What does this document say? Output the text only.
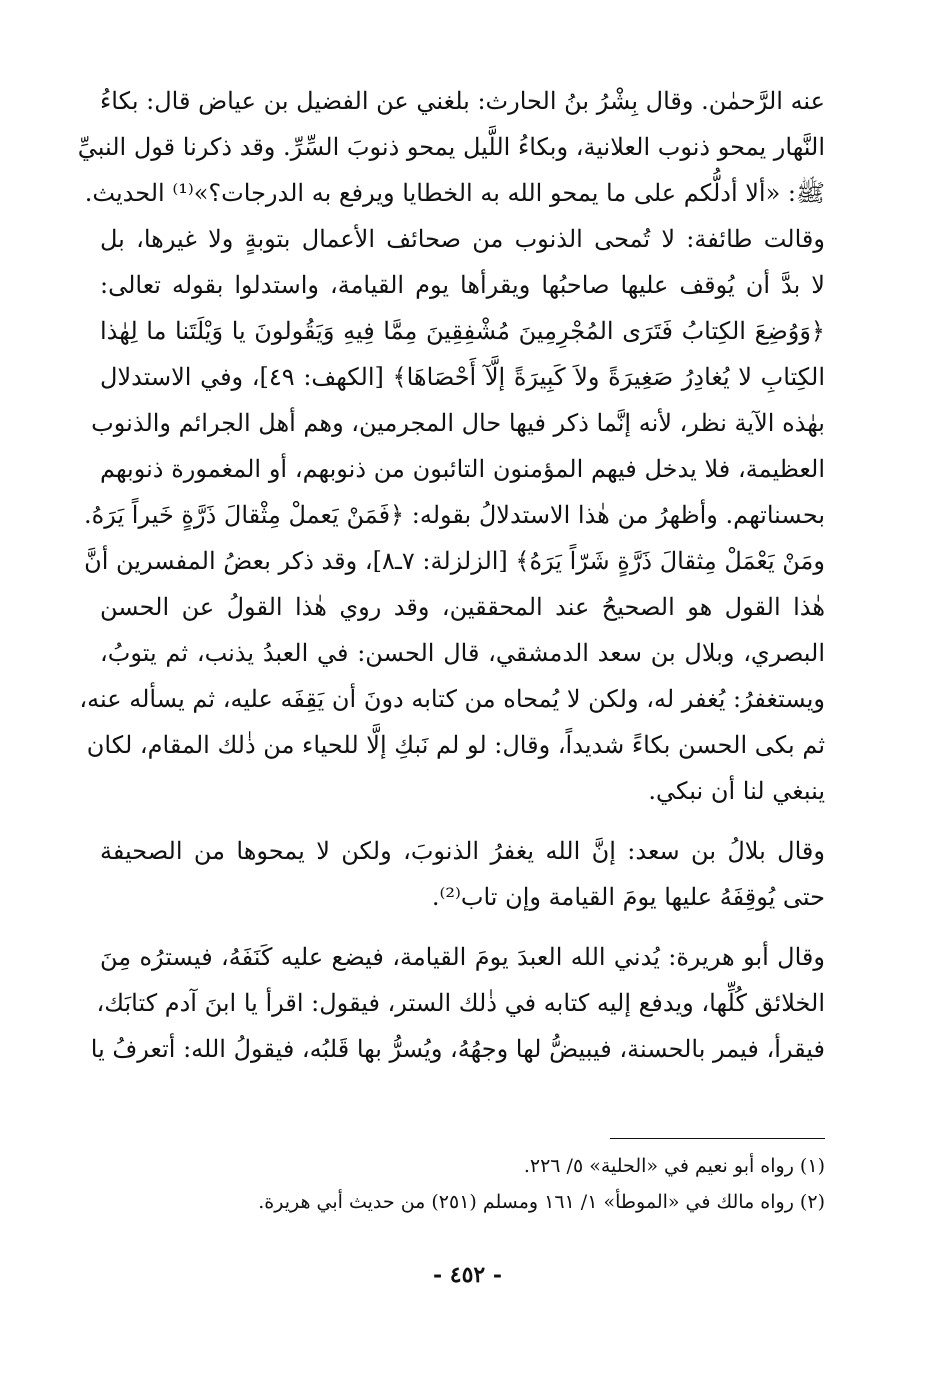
عنه الرَّحمٰن. وقال بِشْرُ بنُ الحارث: بلغني عن الفضيل بن عياض قال: بكاءُ
النَّهار يمحو ذنوب العلانية، وبكاءُ اللَّيل يمحو ذنوبَ السِّرِّ. وقد ذكرنا قول النبيِّ
ﷺ: «ألا أدلُّكم على ما يمحو الله به الخطايا ويرفع به الدرجات؟»⁽¹⁾ الحديث.
وقالت طائفة: لا تُمحى الذنوب من صحائف الأعمال بتوبةٍ ولا غيرها، بل
لا بدَّ أن يُوقف عليها صاحبُها ويقرأها يوم القيامة، واستدلوا بقوله تعالى:
﴿وَوُضِعَ الكِتابُ فَتَرَى المُجْرِمِينَ مُشْفِقِينَ مِمَّا فِيهِ وَيَقُولونَ يا وَيْلَتَنا ما لِهٰذا
الكِتابِ لا يُغادِرُ صَغِيرَةً ولاَ كَبِيرَةً إلَّآ أَحْصَاهَا﴾ [الكهف: ٤٩]، وفي الاستدلال
بهٰذه الآية نظر، لأنه إنَّما ذكر فيها حال المجرمين، وهم أهل الجرائم والذنوب
العظيمة، فلا يدخل فيهم المؤمنون التائبون من ذنوبهم، أو المغمورة ذنوبهم
بحسناتهم. وأظهرُ من هٰذا الاستدلالُ بقوله: ﴿فَمَنْ يَعملْ مِثْقالَ ذَرَّةٍ خَيراً يَرَهُ.
ومَنْ يَعْمَلْ مِثقالَ ذَرَّةٍ شَرّاً يَرَهُ﴾ [الزلزلة: ٧ـ٨]، وقد ذكر بعضُ المفسرين أنَّ
هٰذا القول هو الصحيحُ عند المحققين، وقد روي هٰذا القولُ عن الحسن
البصري، وبلال بن سعد الدمشقي، قال الحسن: في العبدُ يذنب، ثم يتوبُ،
ويستغفرُ: يُغفر له، ولكن لا يُمحاه من كتابه دونَ أن يَقِفَه عليه، ثم يسأله عنه،
ثم بكى الحسن بكاءً شديداً، وقال: لو لم نَبكِ إلَّا للحياء من ذٰلك المقام، لكان
ينبغي لنا أن نبكي.
وقال بلالُ بن سعد: إنَّ الله يغفرُ الذنوبَ، ولكن لا يمحوها من الصحيفة
حتى يُوقِفَهُ عليها يومَ القيامة وإن تاب⁽²⁾.
وقال أبو هريرة: يُدني الله العبدَ يومَ القيامة، فيضع عليه كَنَفَهُ، فيسترُه مِنَ
الخلائق كُلِّها، ويدفع إليه كتابه في ذٰلك الستر، فيقول: اقرأ يا ابنَ آدم كتابَك،
فيقرأ، فيمر بالحسنة، فيبيضُّ لها وجهُهُ، ويُسرُّ بها قَلبُه، فيقولُ الله: أتعرفُ يا
(١) رواه أبو نعيم في «الحلية» ٥/ ٢٢٦.
(٢) رواه مالك في «الموطأ» ١/ ١٦١ ومسلم (٢٥١) من حديث أبي هريرة.
- ٤٥٢ -
